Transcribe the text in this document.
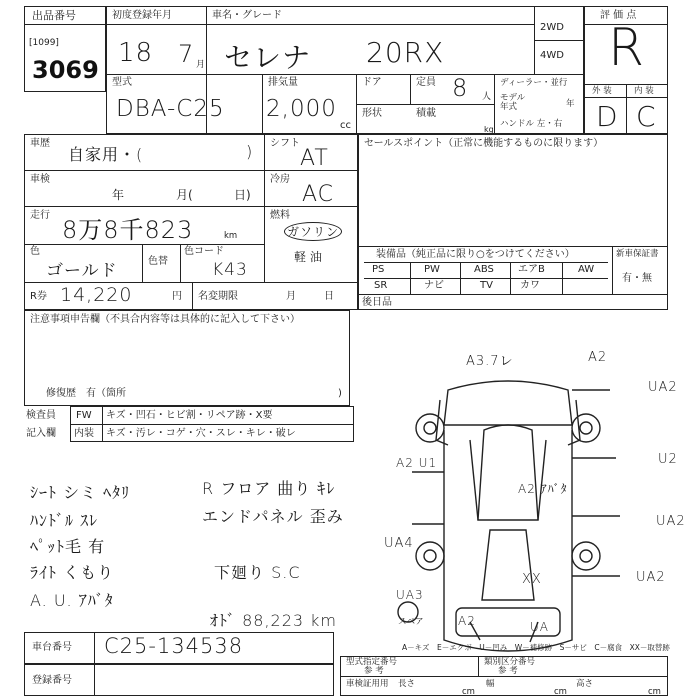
出品番号
[1099]
3069
初度登録年月	車名・グレード
18 7 月 セレナ 20RX
2WD
4WD
型式
DBA-C25
排気量
2,000
cc
ドア	定員 8 人
形状	積載
kg
ディーラー・並行
モデル
年式	年
ハンドル 左・右
評 価 点
R
外 装	内 装
D C
車歴
自家用・(	) シフト
AT
車検
年	月(	日)
冷房
AC
走行
8万8千823	km
燃料
ガソリン
軽 油
色
ゴールド	色替
色コード
K43
R券 14,220	円 名変期限	月	日
セールスポイント（正常に機能するものに限ります）
装備品（純正品に限り○をつけてください）	新車保証書
有・無
後日品
PS	PW	ABS エアB	AW
SR	ナビ	TV	カワ
注意事項申告欄（不具合内容等は具体的に記入して下さい）
修復歴　有（箇所	)
検査員
記入欄
FW キズ・凹石・ヒビ割・リペア跡・X要
内装 キズ・汚レ・コゲ・穴・スレ・キレ・破レ
ｼｰﾄ シミ ﾍﾀﾘ
ﾊﾝﾄﾞﾙ ｽﾚ
ﾍﾟｯﾄ毛 有
ﾗｲﾄ くもり
A. U. ｱﾊﾞﾀ
R フロア 曲り ｷﾚ
エンドパネル 歪み
下廻り S.C
ｵﾄﾞ 88,223 km
A3.7レ	A2
A2 U1
UA2
U2
A2 ｱﾊﾞﾀ
UA4
UA2
UA2
XX
UA3
スペア	A2	UA
A－キズ　E－エクボ　U－凹み　W－補修跡　S－サビ　C－腐食　XX－取替跡
車台番号 C25-134538
登録番号
型式指定番号
参 考
類別区分番号
参 考
車検証用用 長さ
cm
幅
cm
高さ
cm
